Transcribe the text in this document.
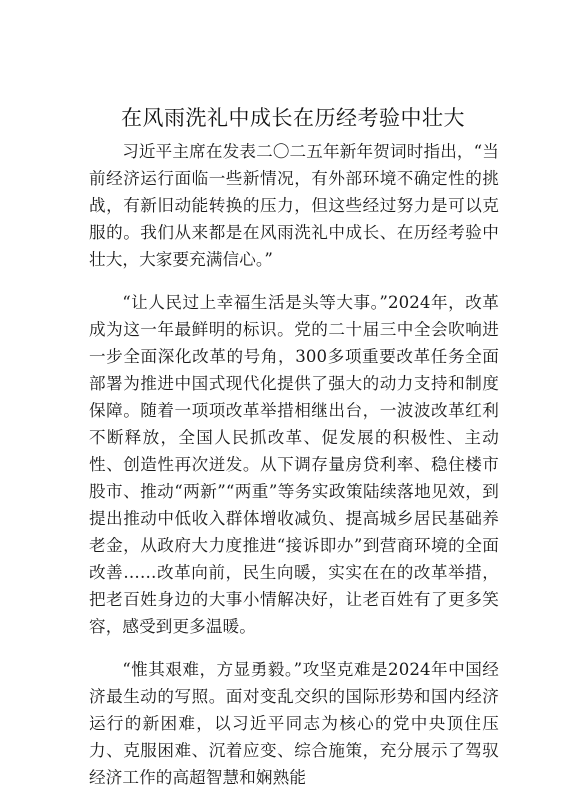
在风雨洗礼中成长在历经考验中壮大

习近平主席在发表二〇二五年新年贺词时指出，“当前经济运行面临一些新情况，有外部环境不确定性的挑战，有新旧动能转换的压力，但这些经过努力是可以克服的。我们从来都是在风雨洗礼中成长、在历经考验中壮大，大家要充满信心。”

“让人民过上幸福生活是头等大事。”2024年，改革成为这一年最鲜明的标识。党的二十届三中全会吹响进一步全面深化改革的号角，300多项重要改革任务全面部署为推进中国式现代化提供了强大的动力支持和制度保障。随着一项项改革举措相继出台，一波波改革红利不断释放，全国人民抓改革、促发展的积极性、主动性、创造性再次迸发。从下调存量房贷利率、稳住楼市股市、推动“两新”“两重”等务实政策陆续落地见效，到提出推动中低收入群体增收减负、提高城乡居民基础养老金，从政府大力度推进“接诉即办”到营商环境的全面改善……改革向前，民生向暖，实实在在的改革举措，把老百姓身边的大事小情解决好，让老百姓有了更多笑容，感受到更多温暖。

“惟其艰难，方显勇毅。”攻坚克难是2024年中国经济最生动的写照。面对变乱交织的国际形势和国内经济运行的新困难，以习近平同志为核心的党中央顶住压力、克服困难、沉着应变、综合施策，充分展示了驾驭经济工作的高超智慧和娴熟能
